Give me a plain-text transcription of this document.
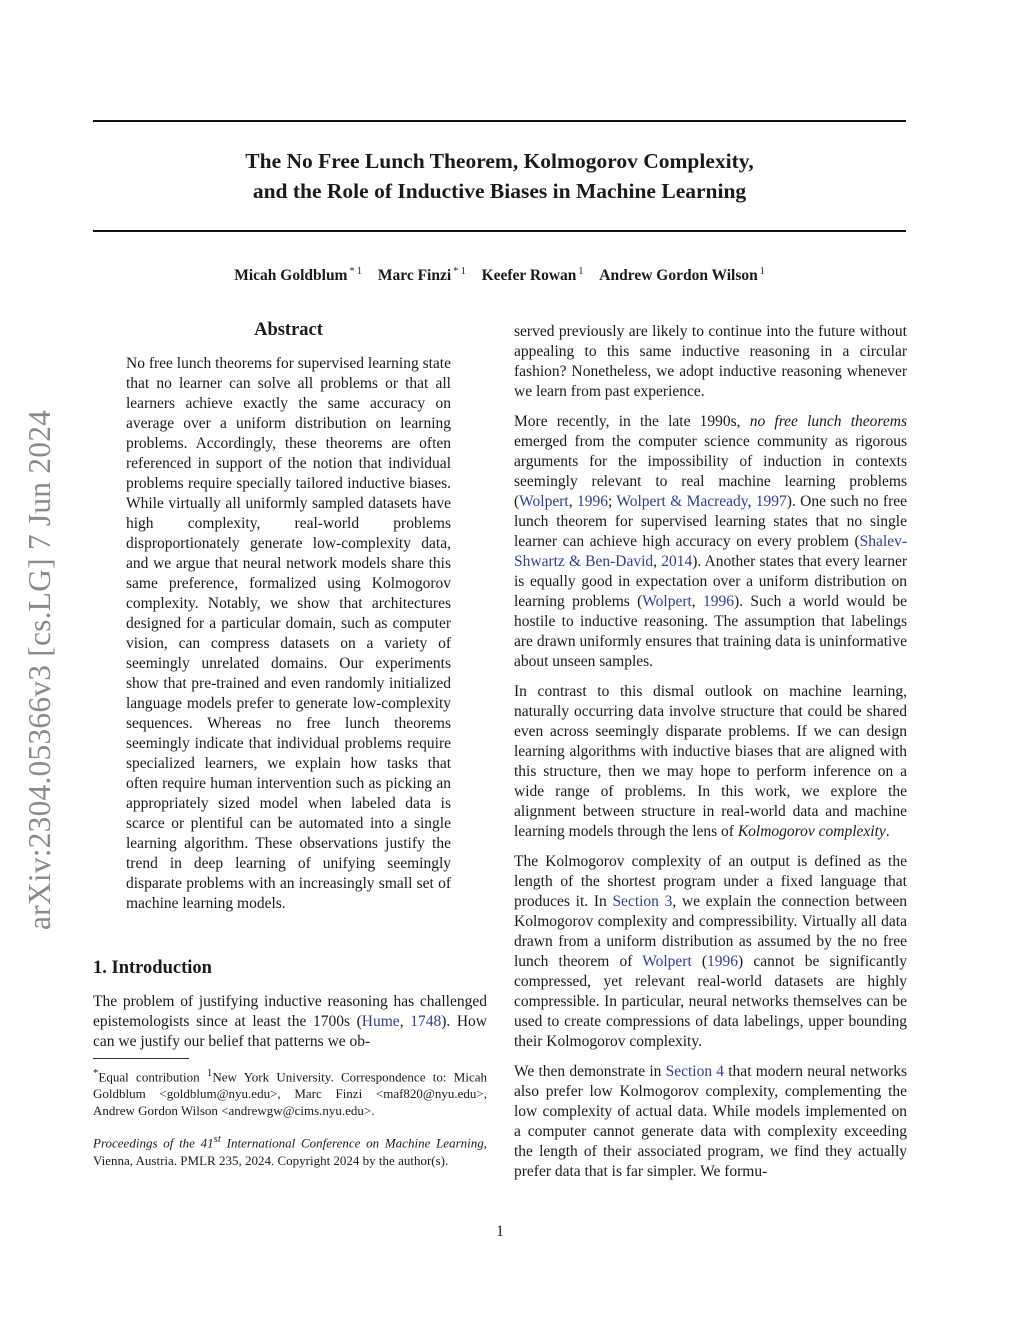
arXiv:2304.05366v3 [cs.LG] 7 Jun 2024
The No Free Lunch Theorem, Kolmogorov Complexity,
and the Role of Inductive Biases in Machine Learning
Micah Goldblum $^{* 1}$ Marc Finzi $^{* 1}$ Keefer Rowan $^1$ Andrew Gordon Wilson $^1$
Abstract

No free lunch theorems for supervised learning state that no learner can solve all problems or that all learners achieve exactly the same accuracy on average over a uniform distribution on learning problems. Accordingly, these theorems are often referenced in support of the notion that individual problems require specially tailored inductive biases. While virtually all uniformly sampled datasets have high complexity, real-world problems disproportionately generate low-complexity data, and we argue that neural network models share this same preference, formalized using Kolmogorov complexity. Notably, we show that architectures designed for a particular domain, such as computer vision, can compress datasets on a variety of seemingly unrelated domains. Our experiments show that pre-trained and even randomly initialized language models prefer to generate low-complexity sequences. Whereas no free lunch theorems seemingly indicate that individual problems require specialized learners, we explain how tasks that often require human intervention such as picking an appropriately sized model when labeled data is scarce or plentiful can be automated into a single learning algorithm. These observations justify the trend in deep learning of unifying seemingly disparate problems with an increasingly small set of machine learning models.

1. Introduction

The problem of justifying inductive reasoning has challenged epistemologists since at least the 1700s (Hume, 1748). How can we justify our belief that patterns we ob-

*Equal contribution $^1$New York University. Correspondence to: Micah Goldblum <goldblum@nyu.edu>, Marc Finzi <maf820@nyu.edu>, Andrew Gordon Wilson <andrewgw@cims.nyu.edu>.

Proceedings of the 41st International Conference on Machine Learning, Vienna, Austria. PMLR 235, 2024. Copyright 2024 by the author(s).

served previously are likely to continue into the future without appealing to this same inductive reasoning in a circular fashion? Nonetheless, we adopt inductive reasoning whenever we learn from past experience.

More recently, in the late 1990s, no free lunch theorems emerged from the computer science community as rigorous arguments for the impossibility of induction in contexts seemingly relevant to real machine learning problems (Wolpert, 1996; Wolpert & Macready, 1997). One such no free lunch theorem for supervised learning states that no single learner can achieve high accuracy on every problem (Shalev-Shwartz & Ben-David, 2014). Another states that every learner is equally good in expectation over a uniform distribution on learning problems (Wolpert, 1996). Such a world would be hostile to inductive reasoning. The assumption that labelings are drawn uniformly ensures that training data is uninformative about unseen samples.

In contrast to this dismal outlook on machine learning, naturally occurring data involve structure that could be shared even across seemingly disparate problems. If we can design learning algorithms with inductive biases that are aligned with this structure, then we may hope to perform inference on a wide range of problems. In this work, we explore the alignment between structure in real-world data and machine learning models through the lens of Kolmogorov complexity.

The Kolmogorov complexity of an output is defined as the length of the shortest program under a fixed language that produces it. In Section 3, we explain the connection between Kolmogorov complexity and compressibility. Virtually all data drawn from a uniform distribution as assumed by the no free lunch theorem of Wolpert (1996) cannot be significantly compressed, yet relevant real-world datasets are highly compressible. In particular, neural networks themselves can be used to create compressions of data labelings, upper bounding their Kolmogorov complexity.

We then demonstrate in Section 4 that modern neural networks also prefer low Kolmogorov complexity, complementing the low complexity of actual data. While models implemented on a computer cannot generate data with complexity exceeding the length of their associated program, we find they actually prefer data that is far simpler. We formu-

1
